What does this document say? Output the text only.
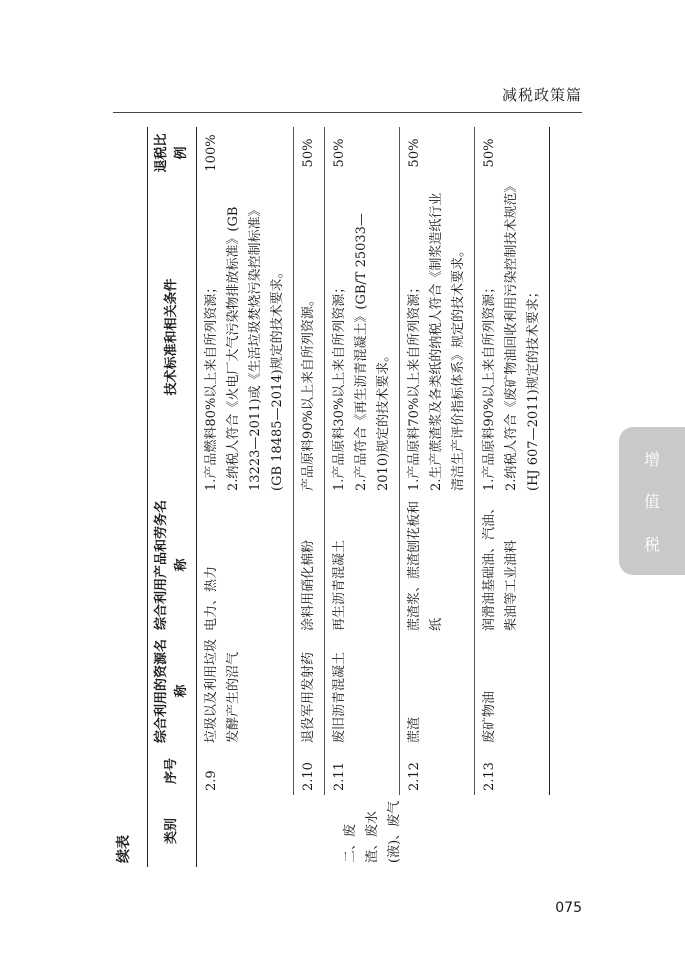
减税政策篇
增
值
税
续表
类别	序号	综合利用的资源名称	综合利用产品和劳务名称	技术标准和相关条件	退税比例
二、废渣、废水(液)、废气	2.9	垃圾以及利用垃圾发酵产生的沼气	电力、热力	1.产品燃料80%以上来自所列资源； 2.纳税人符合《火电厂大气污染物排放标准》(GB 13223—2011)或《生活垃圾焚烧污染控制标准》(GB 18485—2014)规定的技术要求。	100%
	2.10	退役军用发射药	涂料用硝化棉粉	产品原料90%以上来自所列资源。	50%
	2.11	废旧沥青混凝土	再生沥青混凝土	1.产品原料30%以上来自所列资源； 2.产品符合《再生沥青混凝土》(GB/T 25033—2010)规定的技术要求。	50%
	2.12	蔗渣	蔗渣浆、蔗渣刨花板和纸	1.产品原料70%以上来自所列资源； 2.生产蔗渣浆及各类纸的纳税人符合《制浆造纸行业清洁生产评价指标体系》规定的技术要求。	50%
	2.13	废矿物油	润滑油基础油、汽油、柴油等工业油料	1.产品原料90%以上来自所列资源； 2.纳税人符合《废矿物油回收利用污染控制技术规范》(HJ 607—2011)规定的技术要求；	50%
075
